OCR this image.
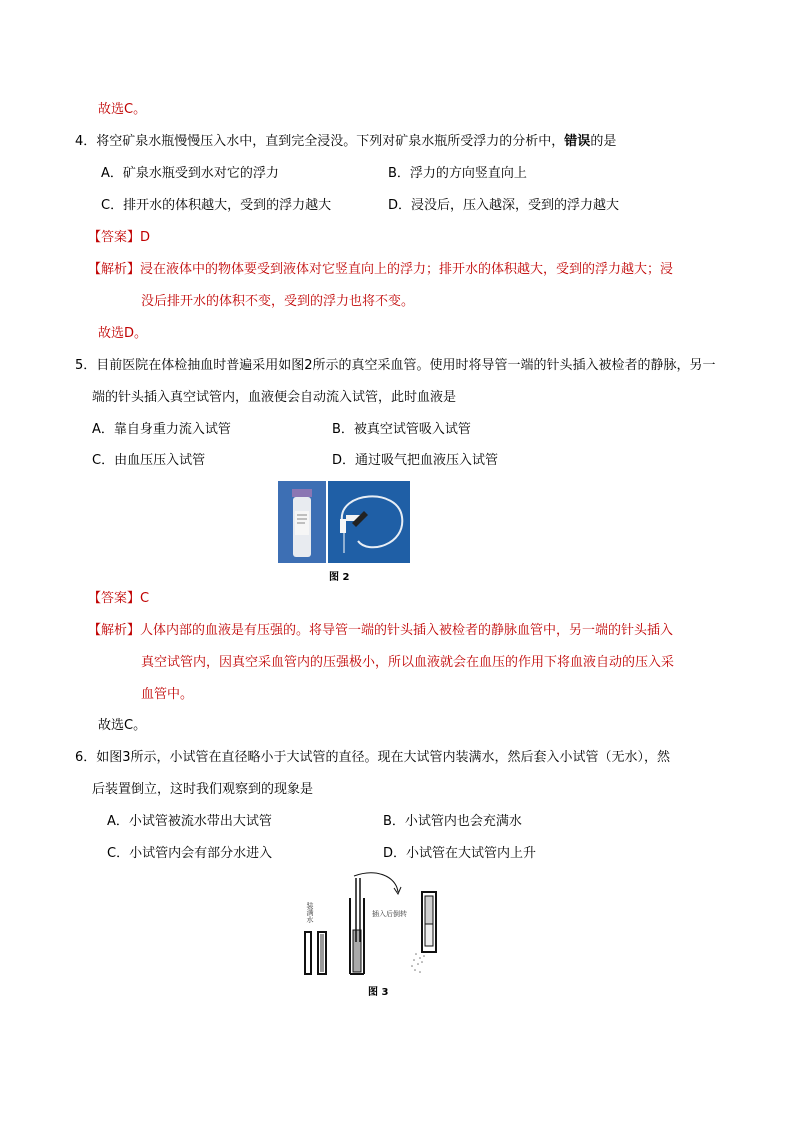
故选C。
4．将空矿泉水瓶慢慢压入水中，直到完全浸没。下列对矿泉水瓶所受浮力的分析中，错误的是
A．矿泉水瓶受到水对它的浮力	B．浮力的方向竖直向上
C．排开水的体积越大，受到的浮力越大	D．浸没后，压入越深，受到的浮力越大
【答案】D
【解析】浸在液体中的物体要受到液体对它竖直向上的浮力；排开水的体积越大，受到的浮力越大；浸
没后排开水的体积不变，受到的浮力也将不变。
故选D。
5．目前医院在体检抽血时普遍采用如图2所示的真空采血管。使用时将导管一端的针头插入被检者的静脉，另一
端的针头插入真空试管内，血液便会自动流入试管，此时血液是
A．靠自身重力流入试管	B．被真空试管吸入试管
C．由血压压入试管	D．通过吸气把血液压入试管
图 2
【答案】C
【解析】人体内部的血液是有压强的。将导管一端的针头插入被检者的静脉血管中，另一端的针头插入
真空试管内，因真空采血管内的压强极小，所以血液就会在血压的作用下将血液自动的压入采
血管中。
故选C。
6．如图3所示，小试管在直径略小于大试管的直径。现在大试管内装满水，然后套入小试管（无水），然
后装置倒立，这时我们观察到的现象是
A．小试管被流水带出大试管	B．小试管内也会充满水
C．小试管内会有部分水进入	D．小试管在大试管内上升
装满水	插入后倒转
图 3
